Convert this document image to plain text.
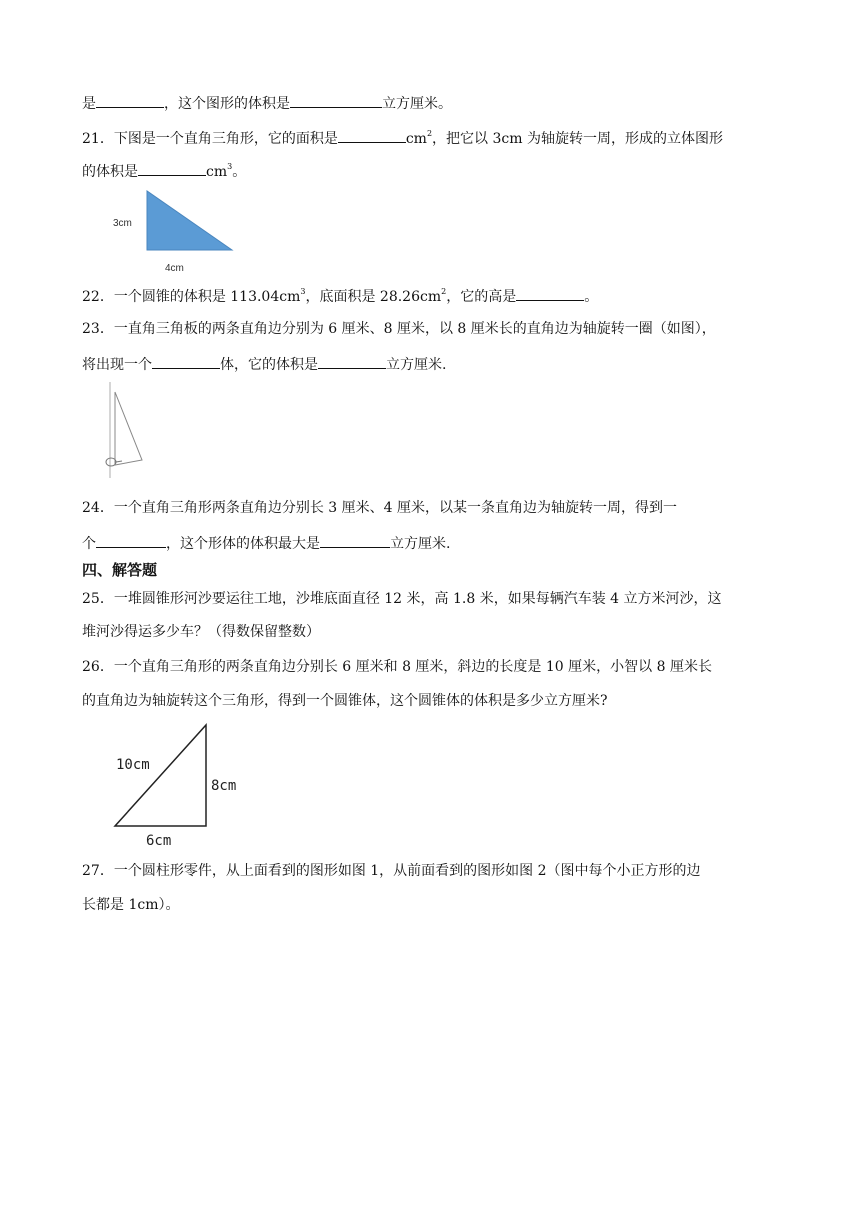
是	，这个图形的体积是	立方厘米。
21．下图是一个直角三角形，它的面积是	$cm^2$，把它以 3cm 为轴旋转一周，形成的立体图形
的体积是	$cm^3$。
3cm
4cm
22．一个圆锥的体积是 $113.04cm^3$，底面积是 $28.26cm^2$，它的高是	。
23．一直角三角板的两条直角边分别为 6 厘米、8 厘米，以 8 厘米长的直角边为轴旋转一圈（如图），
将出现一个	体，它的体积是	立方厘米.
24．一个直角三角形两条直角边分别长 3 厘米、4 厘米，以某一条直角边为轴旋转一周，得到一
个	，这个形体的体积最大是	立方厘米.
四、解答题
25．一堆圆锥形河沙要运往工地，沙堆底面直径 12 米，高 1.8 米，如果每辆汽车装 4 立方米河沙，这
堆河沙得运多少车？（得数保留整数）
26．一个直角三角形的两条直角边分别长 6 厘米和 8 厘米，斜边的长度是 10 厘米，小智以 8 厘米长
的直角边为轴旋转这个三角形，得到一个圆锥体，这个圆锥体的体积是多少立方厘米?
10cm
8cm
6cm
27．一个圆柱形零件，从上面看到的图形如图 1，从前面看到的图形如图 2（图中每个小正方形的边
长都是 1cm）。
